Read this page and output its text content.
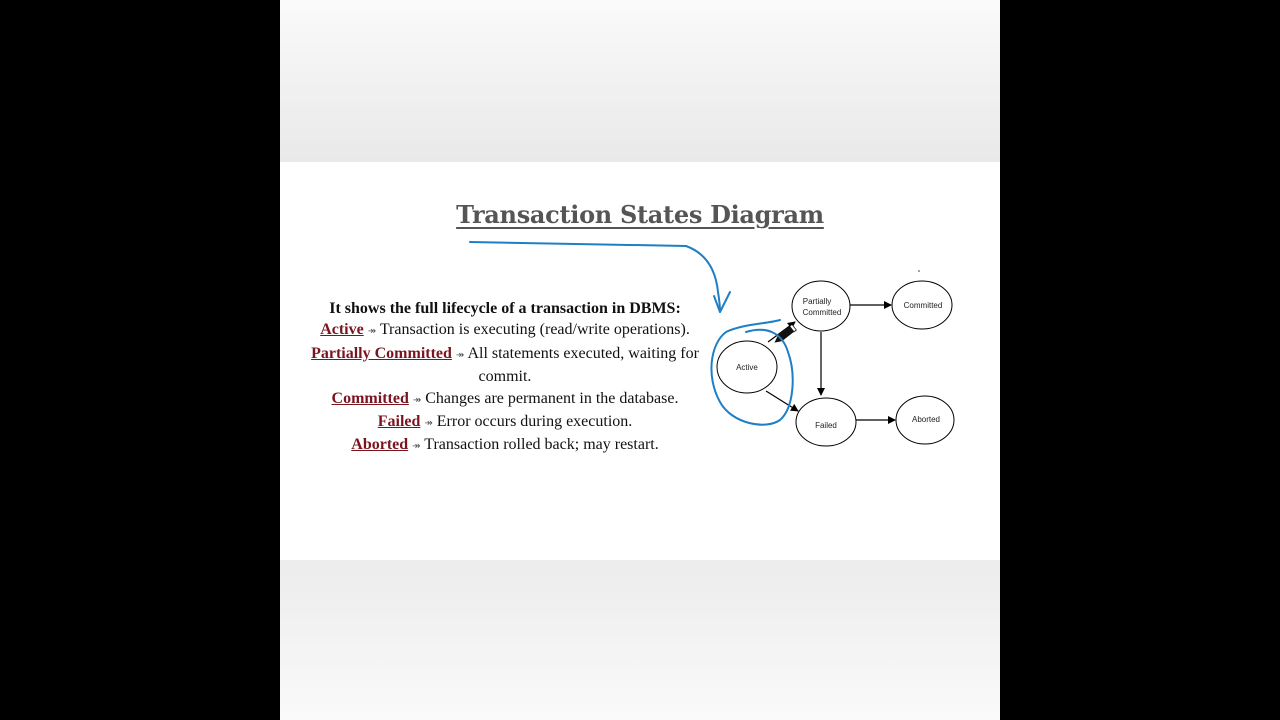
Transaction States Diagram
It shows the full lifecycle of a transaction in DBMS:
Active ↠ Transaction is executing (read/write operations).
Partially Committed ↠ All statements executed, waiting for commit.
Committed ↠ Changes are permanent in the database.
Failed ↠ Error occurs during execution.
Aborted ↠ Transaction rolled back; may restart.
Partially
Committed
Committed
Active
Failed
Aborted
